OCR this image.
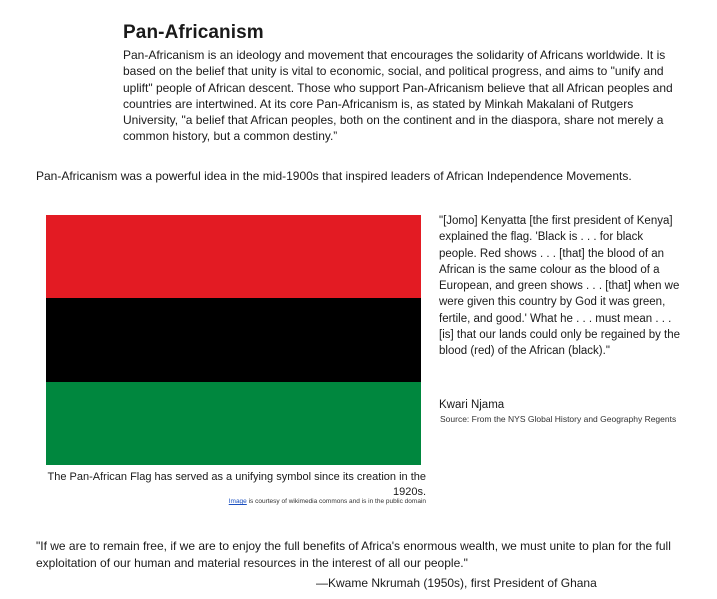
Pan-Africanism
Pan-Africanism is an ideology and movement that encourages the solidarity of Africans worldwide. It is based on the belief that unity is vital to economic, social, and political progress, and aims to "unify and uplift" people of African descent. Those who support Pan-Africanism believe that all African peoples and countries are intertwined. At its core Pan-Africanism is, as stated by Minkah Makalani of Rutgers University, "a belief that African peoples, both on the continent and in the diaspora, share not merely a common history, but a common destiny.”
Pan-Africanism was a powerful idea in the mid-1900s that inspired leaders of African Independence Movements.
The Pan-African Flag has served as a unifying symbol since its creation in the 1920s.
Image is courtesy of wikimedia commons and is in the public domain
"[Jomo] Kenyatta [the first president of Kenya] explained the flag. 'Black is . . . for black people. Red shows . . . [that] the blood of an African is the same colour as the blood of a European, and green shows . . . [that] when we were given this country by God it was green, fertile, and good.' What he . . . must mean . . . [is] that our lands could only be regained by the blood (red) of the African (black)."
Kwari Njama
Source: From the NYS Global History and Geography Regents
"If we are to remain free, if we are to enjoy the full benefits of Africa's enormous wealth, we must unite to plan for the full exploitation of our human and material resources in the interest of all our people."
—Kwame Nkrumah (1950s), first President of Ghana
